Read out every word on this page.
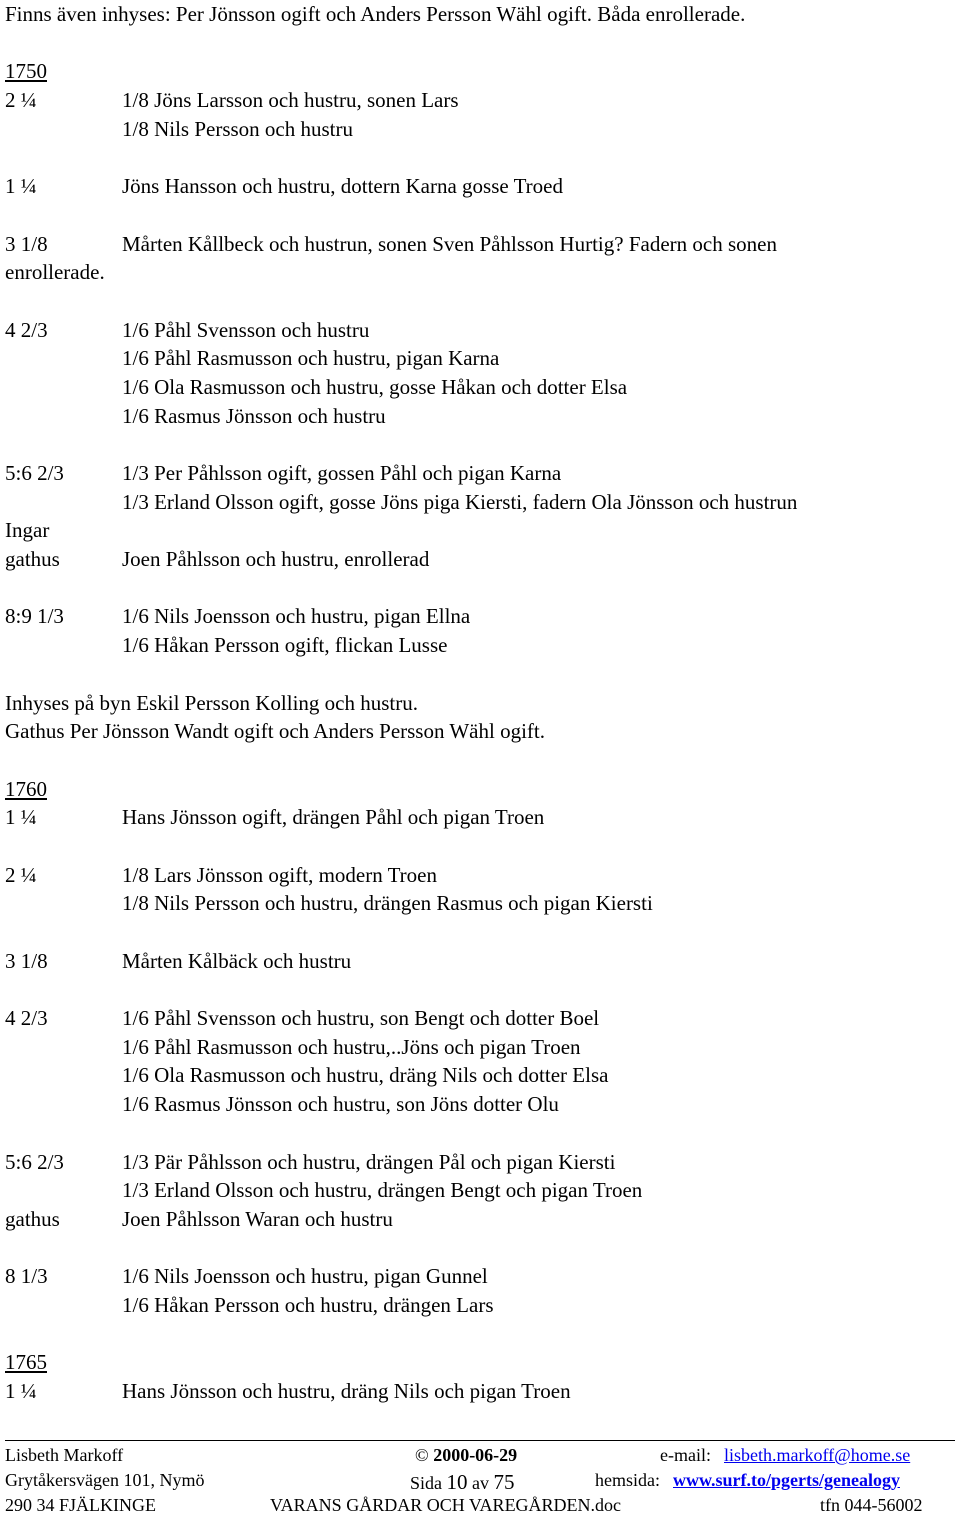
Finns även inhyses: Per Jönsson ogift och Anders Persson Wähl ogift. Båda enrollerade.
1750
2 ¼	1/8 Jöns Larsson och hustru, sonen Lars
1/8 Nils Persson och hustru
1 ¼	Jöns Hansson och hustru, dottern Karna gosse Troed
3 1/8	Mårten Kållbeck och hustrun, sonen Sven Påhlsson Hurtig? Fadern och sonen
enrollerade.
4 2/3	1/6 Påhl Svensson och hustru
1/6 Påhl Rasmusson och hustru, pigan Karna
1/6 Ola Rasmusson och hustru, gosse Håkan och dotter Elsa
1/6 Rasmus Jönsson och hustru
5:6 2/3	1/3 Per Påhlsson ogift, gossen Påhl och pigan Karna
1/3 Erland Olsson ogift, gosse Jöns piga Kiersti, fadern Ola Jönsson och hustrun
Ingar
gathus	Joen Påhlsson och hustru, enrollerad
8:9 1/3	1/6 Nils Joensson och hustru, pigan Ellna
1/6 Håkan Persson ogift, flickan Lusse
Inhyses på byn Eskil Persson Kolling och hustru.
Gathus Per Jönsson Wandt ogift och Anders Persson Wähl ogift.
1760
1 ¼	Hans Jönsson ogift, drängen Påhl och pigan Troen
2 ¼	1/8 Lars Jönsson ogift, modern Troen
1/8 Nils Persson och hustru, drängen Rasmus och pigan Kiersti
3 1/8	Mårten Kålbäck och hustru
4 2/3	1/6 Påhl Svensson och hustru, son Bengt och dotter Boel
1/6 Påhl Rasmusson och hustru,..Jöns och pigan Troen
1/6 Ola Rasmusson och hustru, dräng Nils och dotter Elsa
1/6 Rasmus Jönsson och hustru, son Jöns dotter Olu
5:6 2/3	1/3 Pär Påhlsson och hustru, drängen Pål och pigan Kiersti
1/3 Erland Olsson och hustru, drängen Bengt och pigan Troen
gathus	Joen Påhlsson Waran och hustru
8 1/3	1/6 Nils Joensson och hustru, pigan Gunnel
1/6 Håkan Persson och hustru, drängen Lars
1765
1 ¼	Hans Jönsson och hustru, dräng Nils och pigan Troen
Lisbeth Markoff	© 2000-06-29	e-mail: lisbeth.markoff@home.se
Grytåkersvägen 101, Nymö	Sida 10 av 75	hemsida: www.surf.to/pgerts/genealogy
290 34 FJÄLKINGE	VARANS GÅRDAR OCH VAREGÅRDEN.doc	tfn 044-56002
